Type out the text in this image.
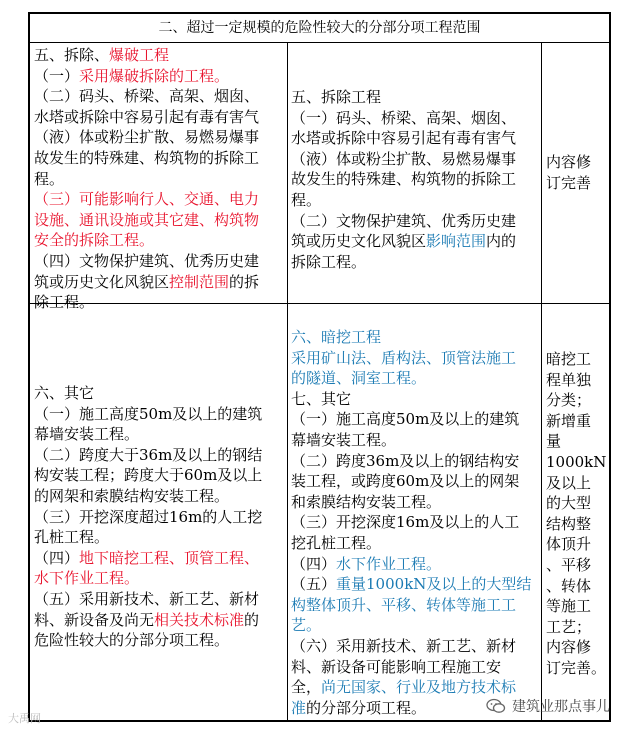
二、超过一定规模的危险性较大的分部分项工程范围
五、拆除、爆破工程
（一）采用爆破拆除的工程。
（二）码头、桥梁、高架、烟囱、
水塔或拆除中容易引起有毒有害气
（液）体或粉尘扩散、易燃易爆事
故发生的特殊建、构筑物的拆除工
程。
（三）可能影响行人、交通、电力
设施、通讯设施或其它建、构筑物
安全的拆除工程。
（四）文物保护建筑、优秀历史建
筑或历史文化风貌区控制范围的拆
除工程。
五、拆除工程
（一）码头、桥梁、高架、烟囱、
水塔或拆除中容易引起有毒有害气
（液）体或粉尘扩散、易燃易爆事
故发生的特殊建、构筑物的拆除工
程。
（二）文物保护建筑、优秀历史建
筑或历史文化风貌区影响范围内的
拆除工程。
内容修
订完善
六、其它
（一）施工高度50m及以上的建筑
幕墙安装工程。
（二）跨度大于36m及以上的钢结
构安装工程；跨度大于60m及以上
的网架和索膜结构安装工程。
（三）开挖深度超过16m的人工挖
孔桩工程。
（四）地下暗挖工程、顶管工程、
水下作业工程。
（五）采用新技术、新工艺、新材
料、新设备及尚无相关技术标准的
危险性较大的分部分项工程。
六、暗挖工程
采用矿山法、盾构法、顶管法施工
的隧道、洞室工程。
七、其它
（一）施工高度50m及以上的建筑
幕墙安装工程。
（二）跨度36m及以上的钢结构安
装工程，或跨度60m及以上的网架
和索膜结构安装工程。
（三）开挖深度16m及以上的人工
挖孔桩工程。
（四）水下作业工程。
（五）重量1000kN及以上的大型结
构整体顶升、平移、转体等施工工
艺。
（六）采用新技术、新工艺、新材
料、新设备可能影响工程施工安
全，尚无国家、行业及地方技术标
准的分部分项工程。
暗挖工
程单独
分类；
新增重
量
1000kN
及以上
的大型
结构整
体顶升
、平移
、转体
等施工
工艺；
内容修
订完善。
大禹网
建筑业那点事儿
